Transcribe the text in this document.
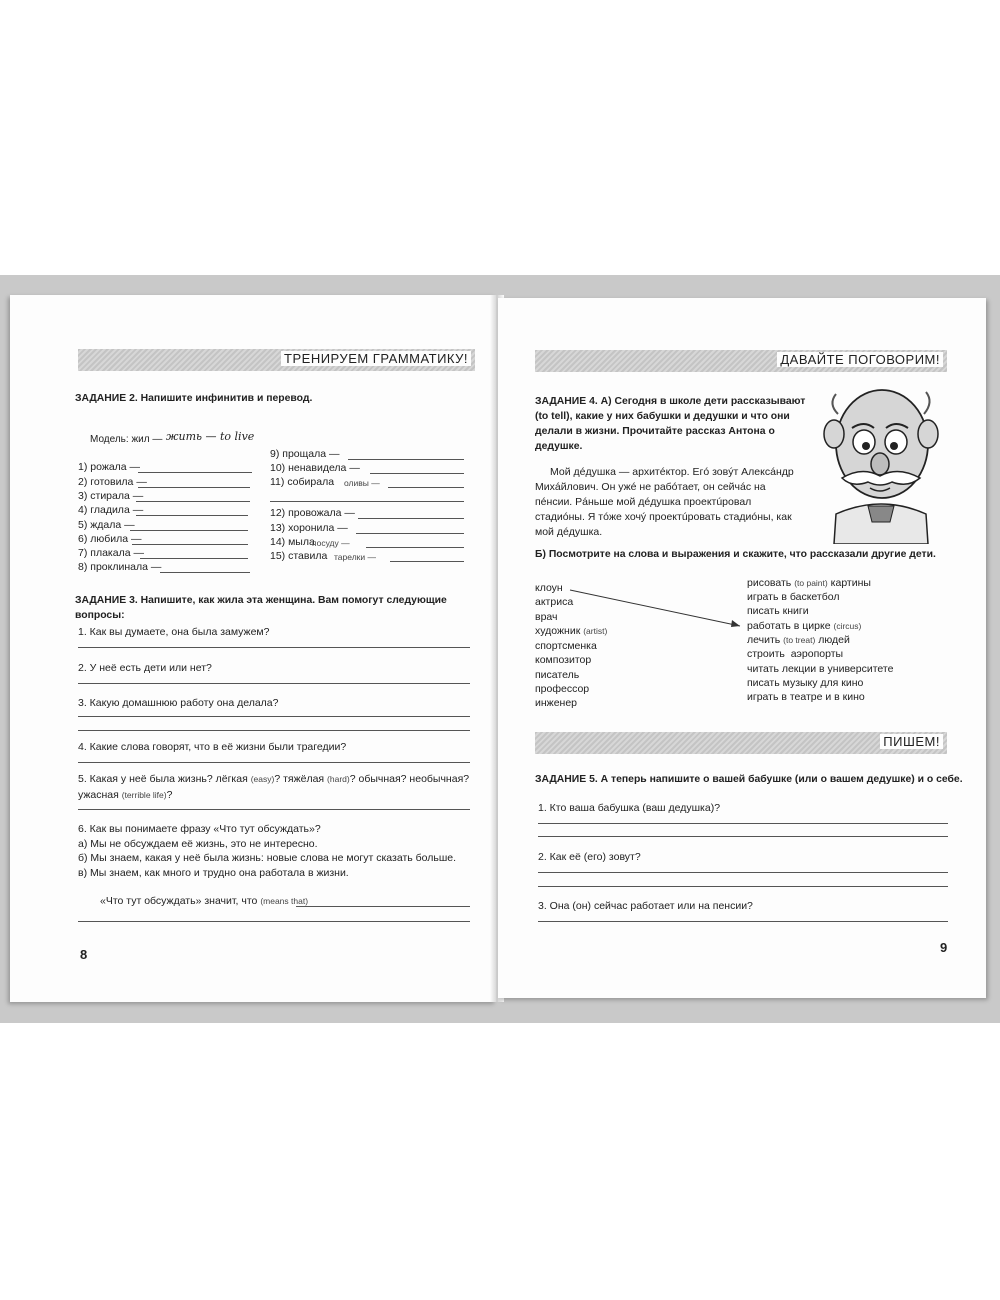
ТРЕНИРУЕМ ГРАММАТИКУ!
ЗАДАНИЕ 2. Напишите инфинитив и перевод.
Модель: жил — жить — to live
1) рожала —
2) готовила —
3) стирала —
4) гладила —
5) ждала —
6) любила —
7) плакала —
8) проклинала —
9) прощала —
10) ненавидела —
11) собирала оливы —
12) провожала —
13) хоронила —
14) мыла
посуду —
15) ставила тарелки —
ЗАДАНИЕ 3. Напишите, как жила эта женщина. Вам помогут следующие вопросы:
1. Как вы думаете, она была замужем?
2. У неё есть дети или нет?
3. Какую домашнюю работу она делала?
4. Какие слова говорят, что в её жизни были трагедии?
5. Какая у неё была жизнь? лёгкая (easy)? тяжёлая (hard)? обычная? необычная?
ужасная (terrible life)?
6. Как вы понимаете фразу «Что тут обсуждать»?
а) Мы не обсуждаем её жизнь, это не интересно.
б) Мы знаем, какая у неё была жизнь: новые слова не могут сказать больше.
в) Мы знаем, как много и трудно она работала в жизни.
«Что тут обсуждать» значит, что (means that)
8
ДАВАЙТЕ ПОГОВОРИМ!
ЗАДАНИЕ 4. А) Сегодня в школе дети рассказывают
(to tell), какие у них бабушки и дедушки и что они
делали в жизни. Прочитайте рассказ Антона о
дедушке.
Мой дéдушка — архитéктор. Егó зовýт Алексáндр
Михáйлович. Он ужé не рабóтает, он сейчáс на
пéнсии. Рáньше мой дéдушка проектúровал
стадиóны. Я тóже хочý проектúровать стадиóны, как
мой дéдушка.
Б) Посмотрите на слова и выражения и скажите, что рассказали другие дети.
клоун
актриса
врач
художник (artist)
спортсменка
композитор
писатель
профессор
инженер
рисовать (to paint) картины
играть в баскетбол
писать книги
работать в цирке (circus)
лечить (to treat) людей
строить  аэропорты
читать лекции в университете
писать музыку для кино
играть в театре и в кино
ПИШЕМ!
ЗАДАНИЕ 5. А теперь напишите о вашей бабушке (или о вашем дедушке) и о себе.
1. Кто ваша бабушка (ваш дедушка)?
2. Как её (его) зовут?
3. Она (он) сейчас работает или на пенсии?
9
